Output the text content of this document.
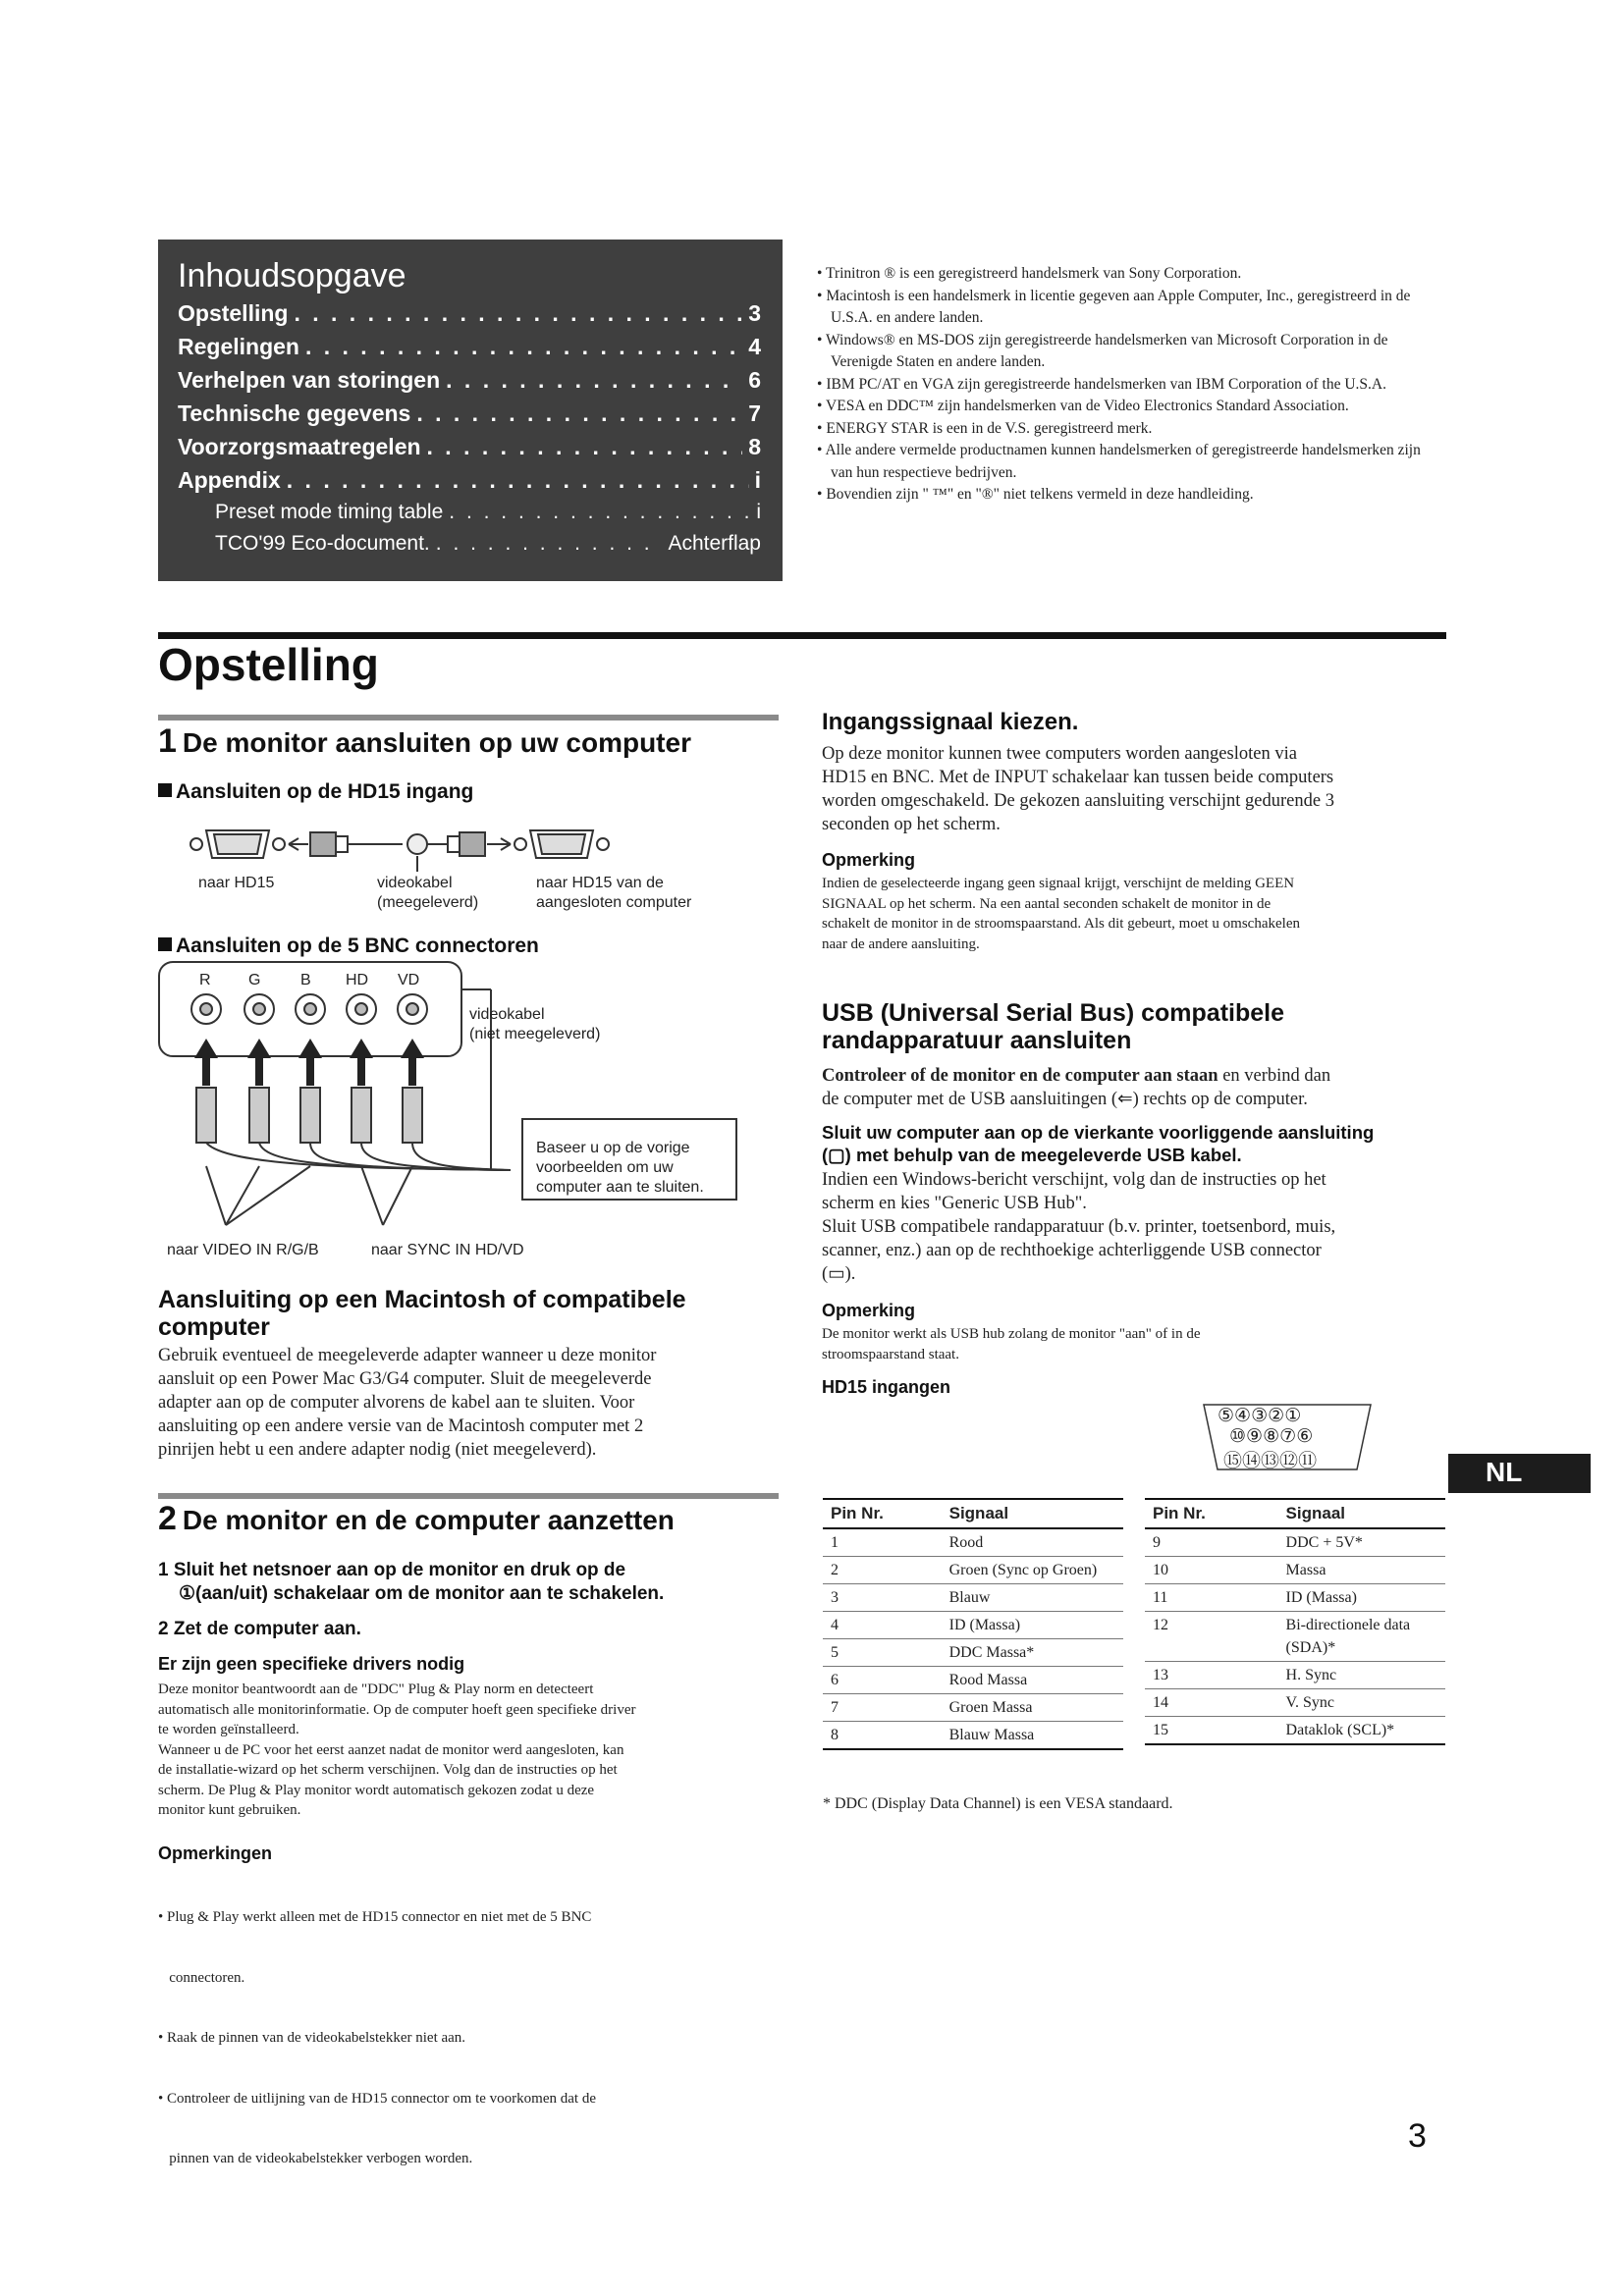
Inhoudsopgave
Opstelling . . .	3
Regelingen . . .	4
Verhelpen van storingen . . .	6
Technische gegevens . . .	7
Voorzorgsmaatregelen . . .	8
Appendix . . .	i
Preset mode timing table . . .	i
TCO'99 Eco-document. . . .	Achterflap
• Trinitron ® is een geregistreerd handelsmerk van Sony Corporation.
• Macintosh is een handelsmerk in licentie gegeven aan Apple Computer, Inc., geregistreerd in de U.S.A. en andere landen.
• Windows® en MS-DOS zijn geregistreerde handelsmerken van Microsoft Corporation in de Verenigde Staten en andere landen.
• IBM PC/AT en VGA zijn geregistreerde handelsmerken van IBM Corporation of the U.S.A.
• VESA en DDC™ zijn handelsmerken van de Video Electronics Standard Association.
• ENERGY STAR is een in de V.S. geregistreerd merk.
• Alle andere vermelde productnamen kunnen handelsmerken of geregistreerde handelsmerken zijn van hun respectieve bedrijven.
• Bovendien zijn " ™" en "®" niet telkens vermeld in deze handleiding.
Opstelling
1 De monitor aansluiten op uw computer
Aansluiten op de HD15 ingang
naar HD15	videokabel
(meegeleverd)
naar HD15 van de
aangesloten computer
Aansluiten op de 5 BNC connectoren
R G	B HD VD
videokabel
(niet meegeleverd)
Baseer u op de vorige
voorbeelden om uw
computer aan te sluiten.
naar VIDEO IN R/G/B	naar SYNC IN HD/VD
Aansluiting op een Macintosh of compatibele
computer
Gebruik eventueel de meegeleverde adapter wanneer u deze monitor
aansluit op een Power Mac G3/G4 computer. Sluit de meegeleverde
adapter aan op de computer alvorens de kabel aan te sluiten. Voor
aansluiting op een andere versie van de Macintosh computer met 2
pinrijen hebt u een andere adapter nodig (niet meegeleverd).
2 De monitor en de computer aanzetten
1 Sluit het netsnoer aan op de monitor en druk op de
①(aan/uit) schakelaar om de monitor aan te schakelen.
2 Zet de computer aan.
Er zijn geen specifieke drivers nodig
Deze monitor beantwoordt aan de "DDC" Plug & Play norm en detecteert
automatisch alle monitorinformatie. Op de computer hoeft geen specifieke driver
te worden geïnstalleerd.
Wanneer u de PC voor het eerst aanzet nadat de monitor werd aangesloten, kan
de installatie-wizard op het scherm verschijnen. Volg dan de instructies op het
scherm. De Plug & Play monitor wordt automatisch gekozen zodat u deze
monitor kunt gebruiken.
Opmerkingen

• Plug & Play werkt alleen met de HD15 connector en niet met de 5 BNC

connectoren.

• Raak de pinnen van de videokabelstekker niet aan.

• Controleer de uitlijning van de HD15 connector om te voorkomen dat de

pinnen van de videokabelstekker verbogen worden.

Ingangssignaal kiezen.
Op deze monitor kunnen twee computers worden aangesloten via
HD15 en BNC. Met de INPUT schakelaar kan tussen beide computers
worden omgeschakeld. De gekozen aansluiting verschijnt gedurende 3
seconden op het scherm.
Opmerking
Indien de geselecteerde ingang geen signaal krijgt, verschijnt de melding GEEN
SIGNAAL op het scherm. Na een aantal seconden schakelt de monitor in de
schakelt de monitor in de stroomspaarstand. Als dit gebeurt, moet u omschakelen
naar de andere aansluiting.
USB (Universal Serial Bus) compatibele
randapparatuur aansluiten
Controleer of de monitor en de computer aan staan en verbind dan
de computer met de USB aansluitingen (⇐) rechts op de computer.
Sluit uw computer aan op de vierkante voorliggende aansluiting
(▢) met behulp van de meegeleverde USB kabel.
Indien een Windows-bericht verschijnt, volg dan de instructies op het
scherm en kies "Generic USB Hub".
Sluit USB compatibele randapparatuur (b.v. printer, toetsenbord, muis,
scanner, enz.) aan op de rechthoekige achterliggende USB connector
(▭).
Opmerking
De monitor werkt als USB hub zolang de monitor "aan" of in de
stroomspaarstand staat.
HD15 ingangen
⑤④③②①
⑩⑨⑧⑦⑥
⑮⑭⑬⑫⑪
Pin Nr.	Signaal
1	Rood
2	Groen (Sync op Groen)
3	Blauw
4	ID (Massa)
5	DDC Massa*
6	Rood Massa
7	Groen Massa
8	Blauw Massa
Pin Nr.	Signaal
9	DDC + 5V*
10	Massa
11	ID (Massa)
12	Bi-directionele data (SDA)*
13	H. Sync
14	V. Sync
15	Dataklok (SCL)*
* DDC (Display Data Channel) is een VESA standaard.
NL
3
